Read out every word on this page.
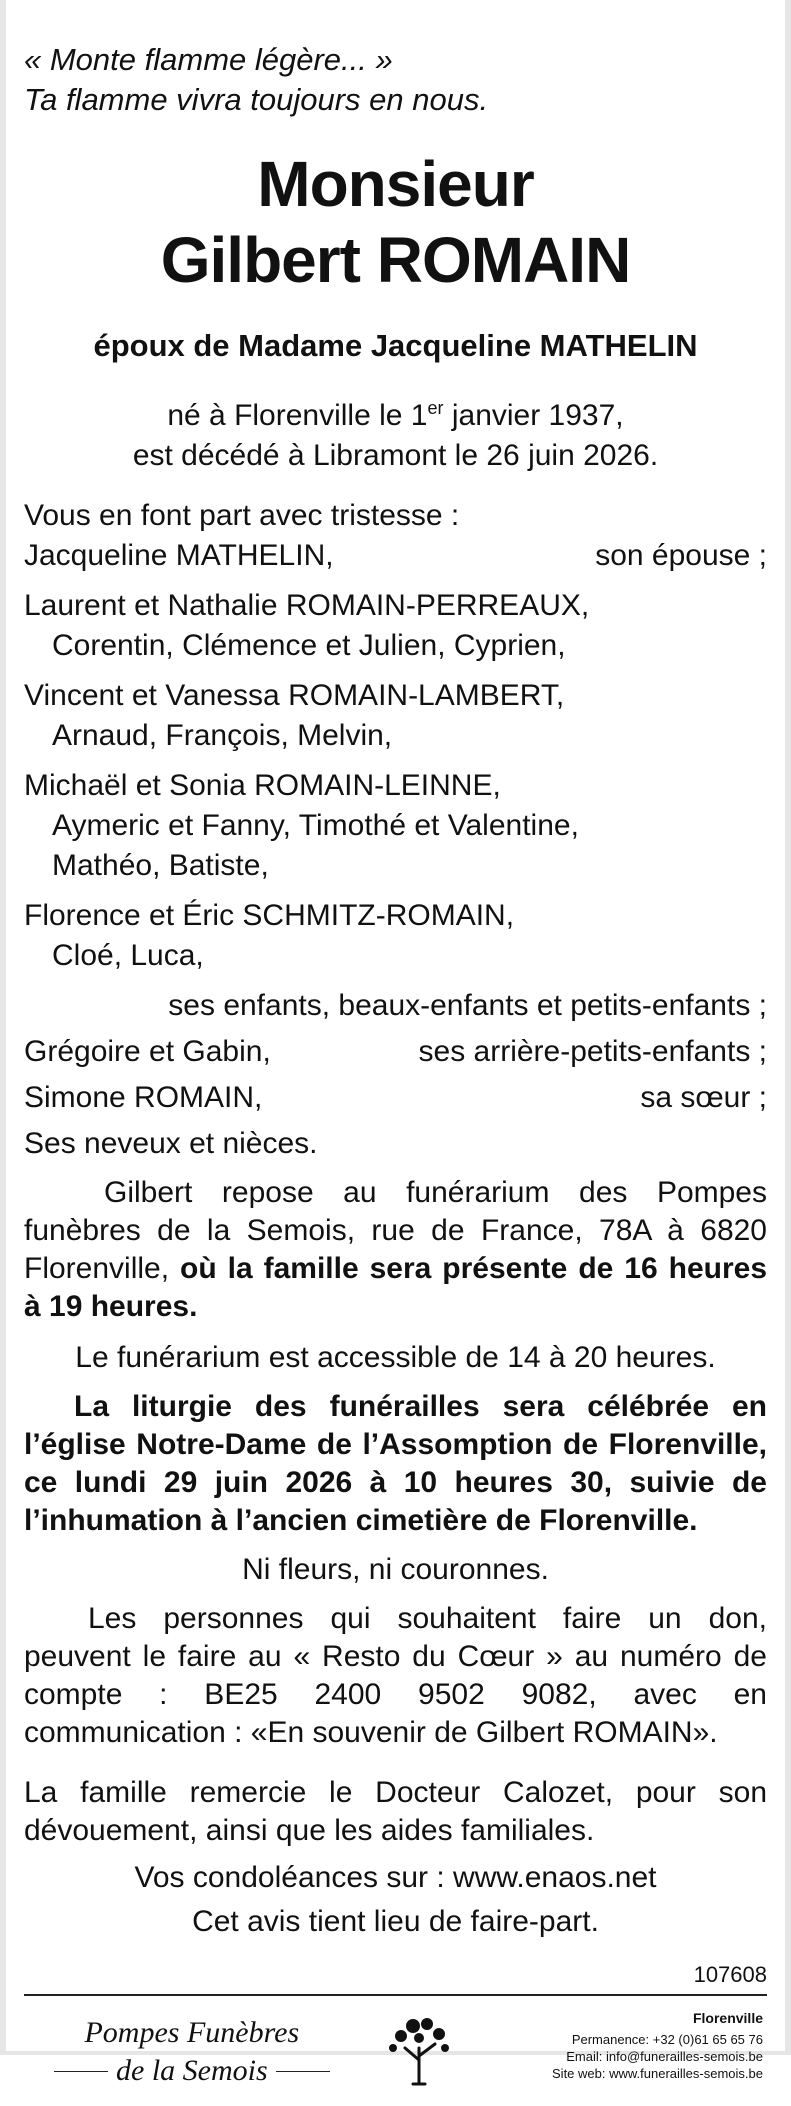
« Monte flamme légère... »
Ta flamme vivra toujours en nous.
Monsieur
Gilbert ROMAIN
époux de Madame Jacqueline MATHELIN
né à Florenville le 1er janvier 1937,
est décédé à Libramont le 26 juin 2026.
Vous en font part avec tristesse :
Jacqueline MATHELIN,	son épouse ;
Laurent et Nathalie ROMAIN-PERREAUX,
Corentin, Clémence et Julien, Cyprien,
Vincent et Vanessa ROMAIN-LAMBERT,
Arnaud, François, Melvin,
Michaël et Sonia ROMAIN-LEINNE,
Aymeric et Fanny, Timothé et Valentine,
Mathéo, Batiste,
Florence et Éric SCHMITZ-ROMAIN,
Cloé, Luca,
ses enfants, beaux-enfants et petits-enfants ;
Grégoire et Gabin,	ses arrière-petits-enfants ;
Simone ROMAIN,	sa sœur ;
Ses neveux et nièces.
Gilbert repose au funérarium des Pompes funèbres de la Semois, rue de France, 78A à 6820 Florenville, où la famille sera présente de 16 heures à 19 heures.
Le funérarium est accessible de 14 à 20 heures.
La liturgie des funérailles sera célébrée en l’église Notre-Dame de l’Assomption de Florenville, ce lundi 29 juin 2026 à 10 heures 30, suivie de l’inhumation à l’ancien cimetière de Florenville.
Ni fleurs, ni couronnes.
Les personnes qui souhaitent faire un don, peuvent le faire au « Resto du Cœur » au numéro de compte : BE25 2400 9502 9082, avec en communication : «En souvenir de Gilbert ROMAIN».
La famille remercie le Docteur Calozet, pour son dévouement, ainsi que les aides familiales.
Vos condoléances sur : www.enaos.net
Cet avis tient lieu de faire-part.
107608
Pompes Funèbres
de la Semois
Florenville
Permanence: +32 (0)61 65 65 76
Email: info@funerailles-semois.be
Site web: www.funerailles-semois.be
